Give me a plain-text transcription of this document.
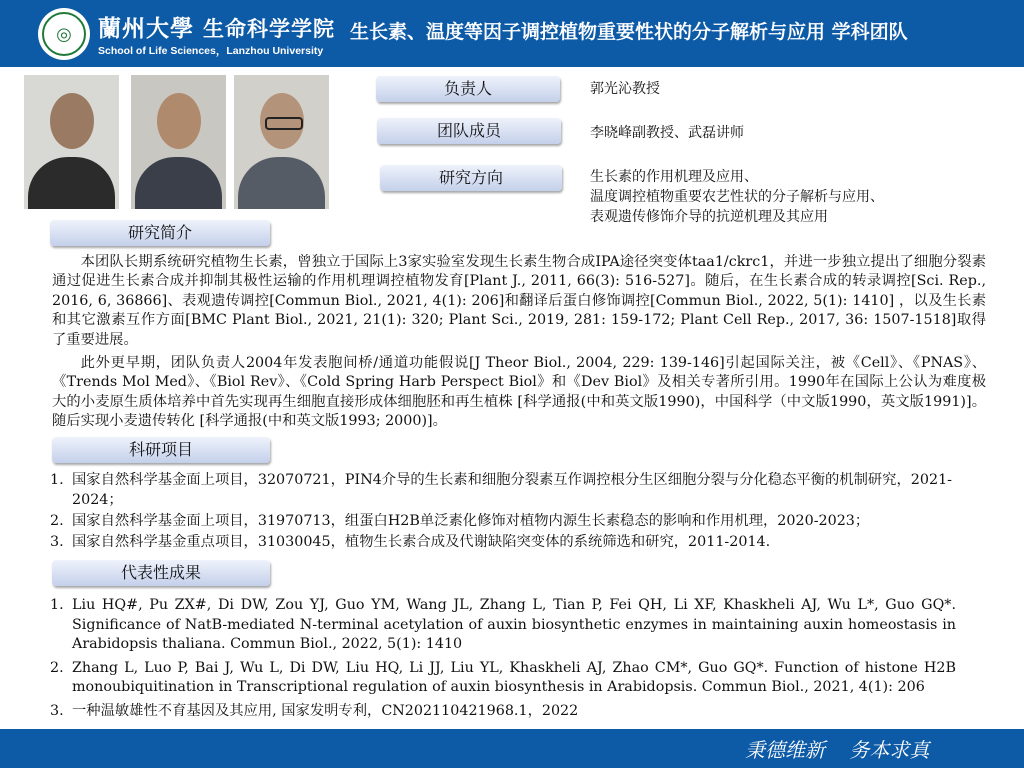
◎	蘭州大學 生命科学学院
School of Life Sciences，Lanzhou University
生长素、温度等因子调控植物重要性状的分子解析与应用 学科团队
负责人	郭光沁教授
团队成员	李晓峰副教授、武磊讲师
研究方向	生长素的作用机理及应用、
温度调控植物重要农艺性状的分子解析与应用、
表观遗传修饰介导的抗逆机理及其应用
研究简介

本团队长期系统研究植物生长素，曾独立于国际上3家实验室发现生长素生物合成IPA途径突变体taa1/ckrc1，并进一步独立提出了细胞分裂素通过促进生长素合成并抑制其极性运输的作用机理调控植物发育[Plant J., 2011, 66(3): 516-527]。随后，在生长素合成的转录调控[Sci. Rep., 2016, 6, 36866]、表观遗传调控[Commun Biol., 2021, 4(1): 206]和翻译后蛋白修饰调控[Commun Biol., 2022, 5(1): 1410] ，以及生长素和其它激素互作方面[BMC Plant Biol., 2021, 21(1): 320; Plant Sci., 2019, 281: 159-172; Plant Cell Rep., 2017, 36: 1507-1518]取得了重要进展。

此外更早期，团队负责人2004年发表胞间桥/通道功能假说[J Theor Biol., 2004, 229: 139-146]引起国际关注，被《Cell》、《PNAS》、《Trends Mol Med》、《Biol Rev》、《Cold Spring Harb Perspect Biol》和《Dev Biol》及相关专著所引用。1990年在国际上公认为难度极大的小麦原生质体培养中首先实现再生细胞直接形成体细胞胚和再生植株 [科学通报(中和英文版1990)，中国科学（中文版1990，英文版1991)]。随后实现小麦遗传转化 [科学通报(中和英文版1993; 2000)]。

科研项目
1. 国家自然科学基金面上项目，32070721，PIN4介导的生长素和细胞分裂素互作调控根分生区细胞分裂与分化稳态平衡的机制研究，2021-2024；
2. 国家自然科学基金面上项目，31970713，组蛋白H2B单泛素化修饰对植物内源生长素稳态的影响和作用机理，2020-2023；
3. 国家自然科学基金重点项目，31030045，植物生长素合成及代谢缺陷突变体的系统筛选和研究，2011-2014.
代表性成果
1. Liu HQ#, Pu ZX#, Di DW, Zou YJ, Guo YM, Wang JL, Zhang L, Tian P, Fei QH, Li XF, Khaskheli AJ, Wu L*, Guo GQ*. Significance of NatB-mediated N-terminal acetylation of auxin biosynthetic enzymes in maintaining auxin homeostasis in Arabidopsis thaliana. Commun Biol., 2022, 5(1): 1410
2. Zhang L, Luo P, Bai J, Wu L, Di DW, Liu HQ, Li JJ, Liu YL, Khaskheli AJ, Zhao CM*, Guo GQ*. Function of histone H2B monoubiquitination in Transcriptional regulation of auxin biosynthesis in Arabidopsis. Commun Biol., 2021, 4(1): 206
3. 一种温敏雄性不育基因及其应用, 国家发明专利，CN202110421968.1，2022
秉德维新 务本求真
